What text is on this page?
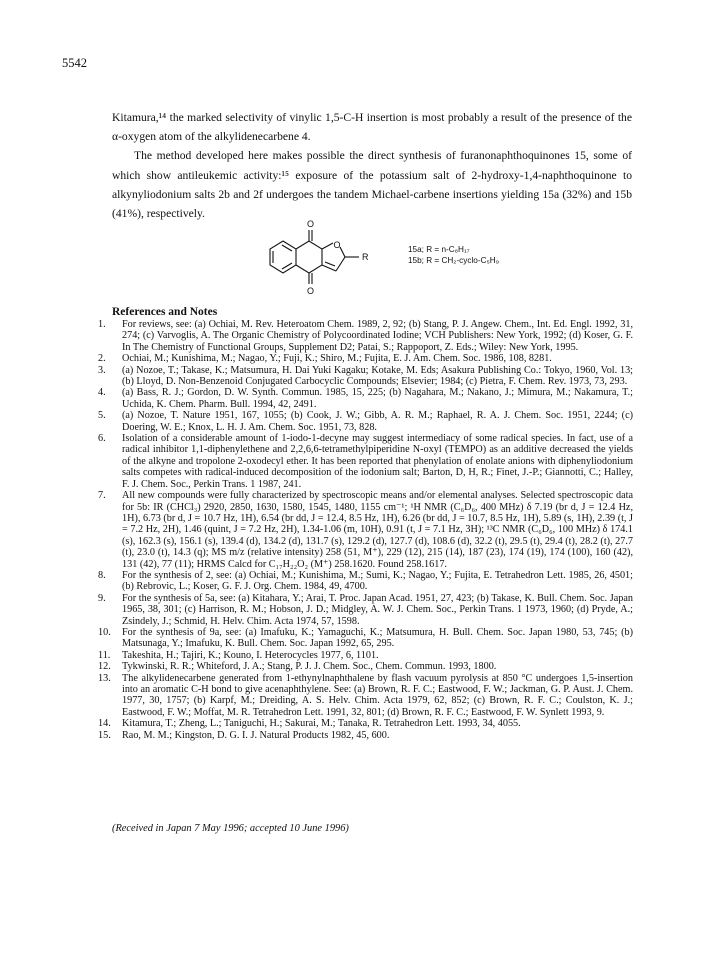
5542

Kitamura,¹⁴ the marked selectivity of vinylic 1,5-C-H insertion is most probably a result of the presence of the α-oxygen atom of the alkylidenecarbene 4.

The method developed here makes possible the direct synthesis of furanonaphthoquinones 15, some of which show antileukemic activity:¹⁵ exposure of the potassium salt of 2-hydroxy-1,4-naphthoquinone to alkynyliodonium salts 2b and 2f undergoes the tandem Michael-carbene insertions yielding 15a (32%) and 15b (41%), respectively.

O
O
O
R
15a; R = n-C₈H₁₇
15b; R = CH₂-cyclo-C₅H₉
References and Notes
1.	For reviews, see: (a) Ochiai, M. Rev. Heteroatom Chem. 1989, 2, 92; (b) Stang, P. J. Angew. Chem., Int. Ed. Engl. 1992, 31, 274; (c) Varvoglis, A. The Organic Chemistry of Polycoordinated Iodine; VCH Publishers: New York, 1992; (d) Koser, G. F. In The Chemistry of Functional Groups, Supplement D2; Patai, S.; Rappoport, Z. Eds.; Wiley: New York, 1995.
2.	Ochiai, M.; Kunishima, M.; Nagao, Y.; Fuji, K.; Shiro, M.; Fujita, E. J. Am. Chem. Soc. 1986, 108, 8281.
3.	(a) Nozoe, T.; Takase, K.; Matsumura, H. Dai Yuki Kagaku; Kotake, M. Eds; Asakura Publishing Co.: Tokyo, 1960, Vol. 13; (b) Lloyd, D. Non-Benzenoid Conjugated Carbocyclic Compounds; Elsevier; 1984; (c) Pietra, F. Chem. Rev. 1973, 73, 293.
4.	(a) Bass, R. J.; Gordon, D. W. Synth. Commun. 1985, 15, 225; (b) Nagahara, M.; Nakano, J.; Mimura, M.; Nakamura, T.; Uchida, K. Chem. Pharm. Bull. 1994, 42, 2491.
5.	(a) Nozoe, T. Nature 1951, 167, 1055; (b) Cook, J. W.; Gibb, A. R. M.; Raphael, R. A. J. Chem. Soc. 1951, 2244; (c) Doering, W. E.; Knox, L. H. J. Am. Chem. Soc. 1951, 73, 828.
6.	Isolation of a considerable amount of 1-iodo-1-decyne may suggest intermediacy of some radical species. In fact, use of a radical inhibitor 1,1-diphenylethene and 2,2,6,6-tetramethylpiperidine N-oxyl (TEMPO) as an additive decreased the yields of the alkyne and tropolone 2-oxodecyl ether. It has been reported that phenylation of enolate anions with diphenyliodonium salts competes with radical-induced decomposition of the iodonium salt; Barton, D, H, R.; Finet, J.-P.; Giannotti, C.; Halley, F. J. Chem. Soc., Perkin Trans. 1 1987, 241.
7.	All new compounds were fully characterized by spectroscopic means and/or elemental analyses. Selected spectroscopic data for 5b: IR (CHCl₃) 2920, 2850, 1630, 1580, 1545, 1480, 1155 cm⁻¹; ¹H NMR (C₆D₆, 400 MHz) δ 7.19 (br d, J = 12.4 Hz, 1H), 6.73 (br d, J = 10.7 Hz, 1H), 6.54 (br dd, J = 12.4, 8.5 Hz, 1H), 6.26 (br dd, J = 10.7, 8.5 Hz, 1H), 5.89 (s, 1H), 2.39 (t, J = 7.2 Hz, 2H), 1.46 (quint, J = 7.2 Hz, 2H), 1.34-1.06 (m, 10H), 0.91 (t, J = 7.1 Hz, 3H); ¹³C NMR (C₆D₆, 100 MHz) δ 174.1 (s), 162.3 (s), 156.1 (s), 139.4 (d), 134.2 (d), 131.7 (s), 129.2 (d), 127.7 (d), 108.6 (d), 32.2 (t), 29.5 (t), 29.4 (t), 28.2 (t), 27.7 (t), 23.0 (t), 14.3 (q); MS m/z (relative intensity) 258 (51, M⁺), 229 (12), 215 (14), 187 (23), 174 (19), 174 (100), 160 (42), 131 (42), 77 (11); HRMS Calcd for C₁₇H₂₂O₂ (M⁺) 258.1620. Found 258.1617.
8.	For the synthesis of 2, see: (a) Ochiai, M.; Kunishima, M.; Sumi, K.; Nagao, Y.; Fujita, E. Tetrahedron Lett. 1985, 26, 4501; (b) Rebrovic, L.; Koser, G. F. J. Org. Chem. 1984, 49, 4700.
9.	For the synthesis of 5a, see: (a) Kitahara, Y.; Arai, T. Proc. Japan Acad. 1951, 27, 423; (b) Takase, K. Bull. Chem. Soc. Japan 1965, 38, 301; (c) Harrison, R. M.; Hobson, J. D.; Midgley, A. W. J. Chem. Soc., Perkin Trans. 1 1973, 1960; (d) Pryde, A.; Zsindely, J.; Schmid, H. Helv. Chim. Acta 1974, 57, 1598.
10.	For the synthesis of 9a, see: (a) Imafuku, K.; Yamaguchi, K.; Matsumura, H. Bull. Chem. Soc. Japan 1980, 53, 745; (b) Matsunaga, Y.; Imafuku, K. Bull. Chem. Soc. Japan 1992, 65, 295.
11.	Takeshita, H.; Tajiri, K.; Kouno, I. Heterocycles 1977, 6, 1101.
12.	Tykwinski, R. R.; Whiteford, J. A.; Stang, P. J. J. Chem. Soc., Chem. Commun. 1993, 1800.
13.	The alkylidenecarbene generated from 1-ethynylnaphthalene by flash vacuum pyrolysis at 850 °C undergoes 1,5-insertion into an aromatic C-H bond to give acenaphthylene. See: (a) Brown, R. F. C.; Eastwood, F. W.; Jackman, G. P. Aust. J. Chem. 1977, 30, 1757; (b) Karpf, M.; Dreiding, A. S. Helv. Chim. Acta 1979, 62, 852; (c) Brown, R. F. C.; Coulston, K. J.; Eastwood, F. W.; Moffat, M. R. Tetrahedron Lett. 1991, 32, 801; (d) Brown, R. F. C.; Eastwood, F. W. Synlett 1993, 9.
14.	Kitamura, T.; Zheng, L.; Taniguchi, H.; Sakurai, M.; Tanaka, R. Tetrahedron Lett. 1993, 34, 4055.
15.	Rao, M. M.; Kingston, D. G. I. J. Natural Products 1982, 45, 600.
(Received in Japan 7 May 1996; accepted 10 June 1996)
